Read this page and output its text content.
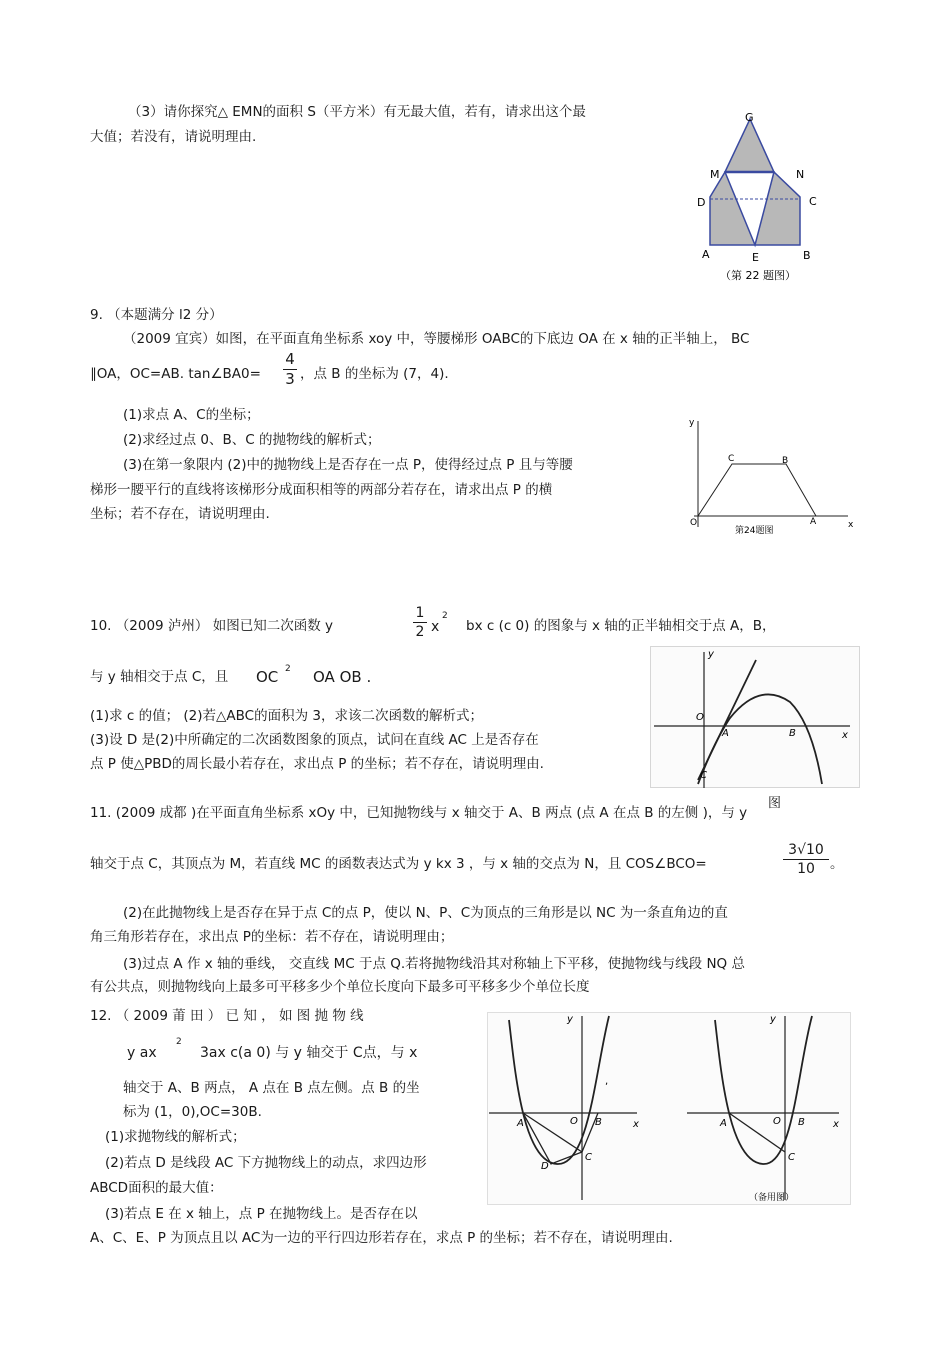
（3）请你探究△ EMN的面积 S（平方米）有无最大值，若有，请求出这个最
大值；若没有，请说明理由.
G
M	N
D	C
A	E	B
（第 22 题图）
9. （本题满分 l2 分）
（2009 宜宾）如图，在平面直角坐标系 xoy 中，等腰梯形 OABC的下底边 OA 在 x 轴的正半轴上， BC
∥OA，OC=AB. tan∠BA0=
4
3 ，点 B 的坐标为 (7，4).
(1)求点 A、C的坐标；
(2)求经过点 0、B、C 的抛物线的解析式；
(3)在第一象限内 (2)中的抛物线上是否存在一点 P，使得经过点 P 且与等腰
梯形一腰平行的直线将该梯形分成面积相等的两部分若存在，请求出点 P 的横
坐标；若不存在，请说明理由.
y
x
O	A
C	B
第24题图
10. （2009 泸州） 如图已知二次函数 y
1
2 x
2
bx c (c 0) 的图象与 x 轴的正半轴相交于点 A，B，
与 y 轴相交于点 C，且 OC 2 OA OB .
(1)求 c 的值； (2)若△ABC的面积为 3，求该二次函数的解析式；
(3)设 D 是(2)中所确定的二次函数图象的顶点，试问在直线 AC 上是否存在
点 P 使△PBD的周长最小若存在，求出点 P 的坐标；若不存在，请说明理由.
y
x
O
A	B
C
图
11. (2009 成都 )在平面直角坐标系 xOy 中，已知抛物线与 x 轴交于 A、B 两点 (点 A 在点 B 的左侧 )，与 y
轴交于点 C，其顶点为 M，若直线 MC 的函数表达式为 y kx 3 ，与 x 轴的交点为 N，且 COS∠BCO=
3√10
10	。
(2)在此抛物线上是否存在异于点 C的点 P，使以 N、P、C为顶点的三角形是以 NC 为一条直角边的直
角三角形若存在，求出点 P的坐标：若不存在，请说明理由；
(3)过点 A 作 x 轴的垂线， 交直线 MC 于点 Q.若将抛物线沿其对称轴上下平移，使抛物线与线段 NQ 总
有公共点，则抛物线向上最多可平移多少个单位长度向下最多可平移多少个单位长度
12. （ 2009 莆 田 ） 已 知 ， 如 图 抛 物 线
y ax
2
3ax c(a 0) 与 y 轴交于 C点，与 x
轴交于 A、B 两点， A 点在 B 点左侧。点 B 的坐
标为 (1，0),OC=30B.
(1)求抛物线的解析式；
(2)若点 D 是线段 AC 下方抛物线上的动点，求四边形
ABCD面积的最大值：
(3)若点 E 在 x 轴上，点 P 在抛物线上。是否存在以
A、C、E、P 为顶点且以 AC为一边的平行四边形若存在，求点 P 的坐标；若不存在，请说明理由.
y
x
A	O B
C
D
,
y
x
A	O B
C
（备用图）
